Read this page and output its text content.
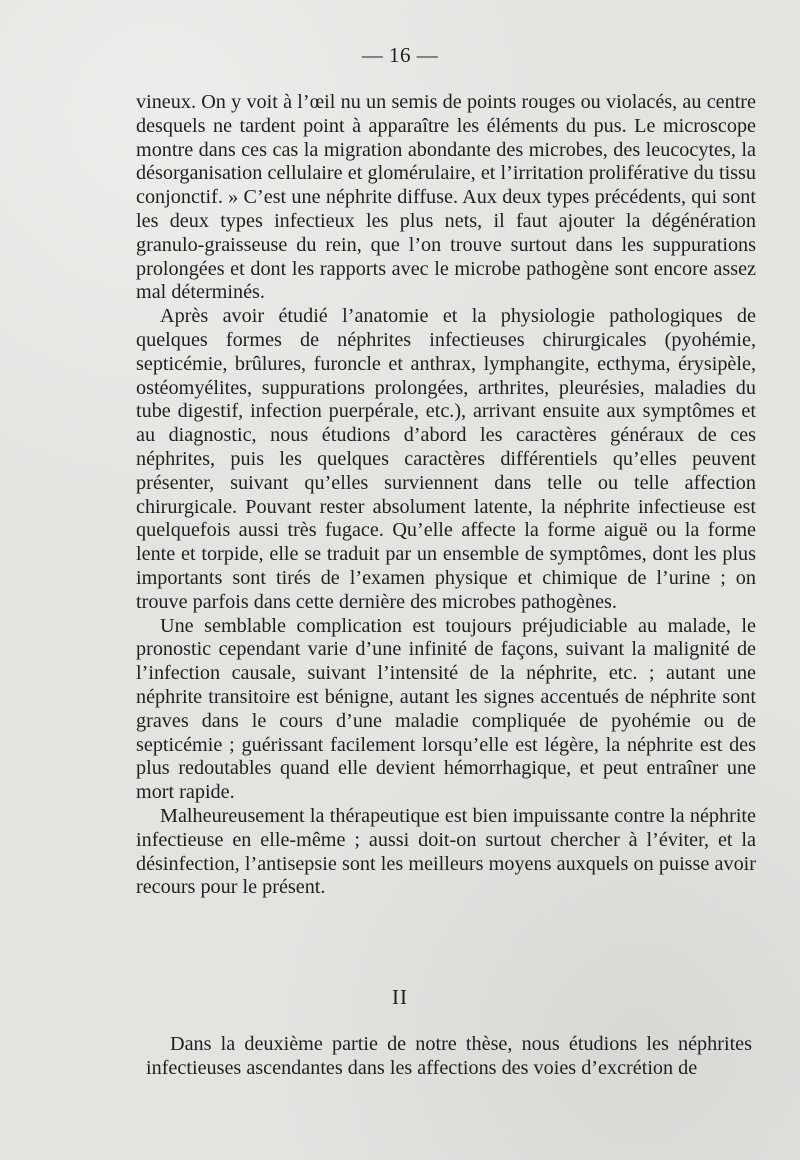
— 16 —

vineux. On y voit à l’œil nu un semis de points rouges ou violacés, au centre desquels ne tardent point à apparaître les éléments du pus. Le microscope montre dans ces cas la migration abondante des microbes, des leucocytes, la désorganisation cellulaire et glomérulaire, et l’irritation proliférative du tissu conjonctif. » C’est une néphrite diffuse. Aux deux types précédents, qui sont les deux types infectieux les plus nets, il faut ajouter la dégénération granulo-graisseuse du rein, que l’on trouve surtout dans les suppurations prolongées et dont les rapports avec le microbe pathogène sont encore assez mal déterminés.

Après avoir étudié l’anatomie et la physiologie pathologiques de quelques formes de néphrites infectieuses chirurgicales (pyohémie, septicémie, brûlures, furoncle et anthrax, lymphangite, ecthyma, érysipèle, ostéomyélites, suppurations prolongées, arthrites, pleurésies, maladies du tube digestif, infection puerpérale, etc.), arrivant ensuite aux symptômes et au diagnostic, nous étudions d’abord les caractères généraux de ces néphrites, puis les quelques caractères différentiels qu’elles peuvent présenter, suivant qu’elles surviennent dans telle ou telle affection chirurgicale. Pouvant rester absolument latente, la néphrite infectieuse est quelquefois aussi très fugace. Qu’elle affecte la forme aiguë ou la forme lente et torpide, elle se traduit par un ensemble de symptômes, dont les plus importants sont tirés de l’examen physique et chimique de l’urine ; on trouve parfois dans cette dernière des microbes pathogènes.

Une semblable complication est toujours préjudiciable au malade, le pronostic cependant varie d’une infinité de façons, suivant la malignité de l’infection causale, suivant l’intensité de la néphrite, etc. ; autant une néphrite transitoire est bénigne, autant les signes accentués de néphrite sont graves dans le cours d’une maladie compliquée de pyohémie ou de septicémie ; guérissant facilement lorsqu’elle est légère, la néphrite est des plus redoutables quand elle devient hémorrhagique, et peut entraîner une mort rapide.

Malheureusement la thérapeutique est bien impuissante contre la néphrite infectieuse en elle-même ; aussi doit-on surtout chercher à l’éviter, et la désinfection, l’antisepsie sont les meilleurs moyens auxquels on puisse avoir recours pour le présent.

II

Dans la deuxième partie de notre thèse, nous étudions les néphrites infectieuses ascendantes dans les affections des voies d’excrétion de
